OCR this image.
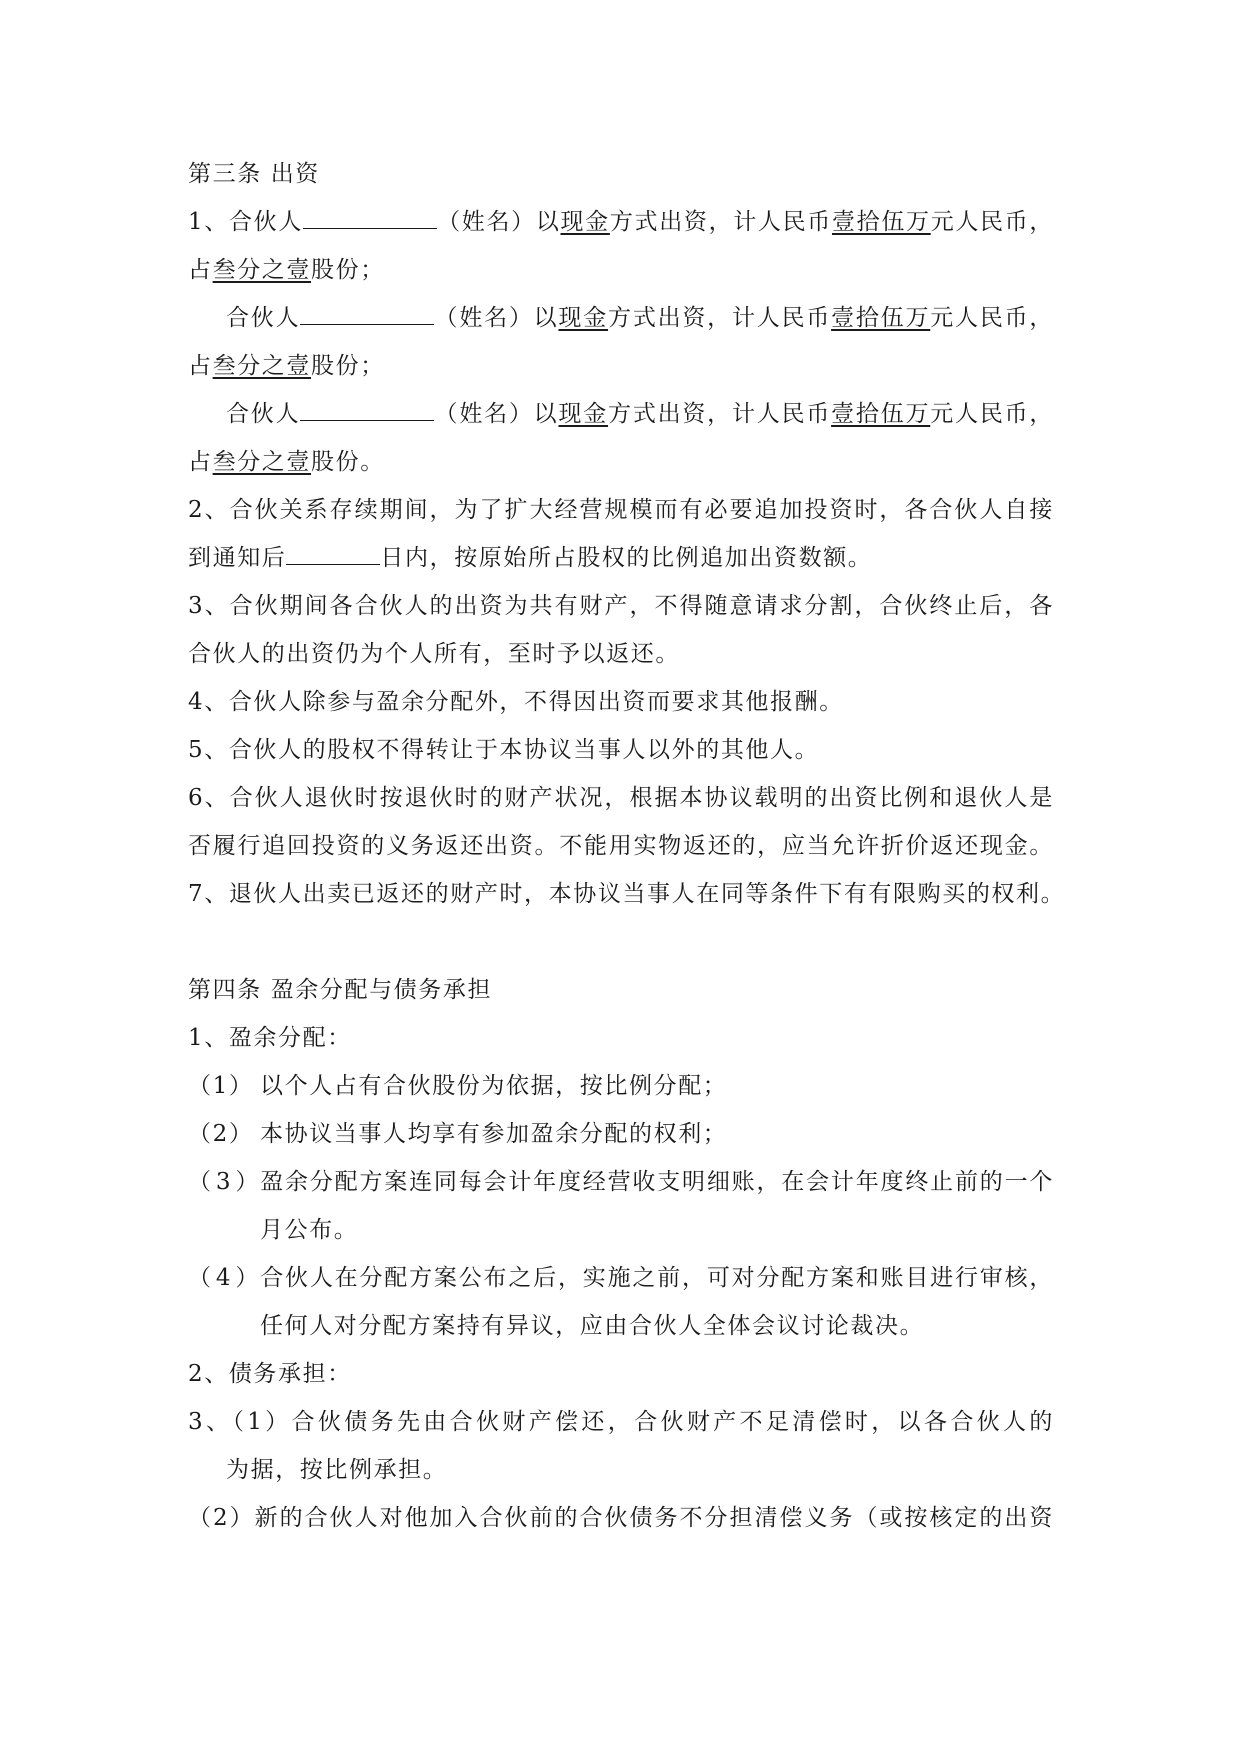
第三条 出资
1、合伙人	（姓名）以现金方式出资，计人民币壹拾伍万元人民币，
占叁分之壹股份；
合伙人	（姓名）以现金方式出资，计人民币壹拾伍万元人民币，
占叁分之壹股份；
合伙人	（姓名）以现金方式出资，计人民币壹拾伍万元人民币，
占叁分之壹股份。
2、合伙关系存续期间，为了扩大经营规模而有必要追加投资时，各合伙人自接
到通知后	日内，按原始所占股权的比例追加出资数额。
3、合伙期间各合伙人的出资为共有财产，不得随意请求分割，合伙终止后，各
合伙人的出资仍为个人所有，至时予以返还。
4、合伙人除参与盈余分配外，不得因出资而要求其他报酬。
5、合伙人的股权不得转让于本协议当事人以外的其他人。
6、合伙人退伙时按退伙时的财产状况，根据本协议载明的出资比例和退伙人是
否履行追回投资的义务返还出资。不能用实物返还的，应当允许折价返还现金。
7、退伙人出卖已返还的财产时，本协议当事人在同等条件下有有限购买的权利。
第四条 盈余分配与债务承担
1、盈余分配：
（1） 以个人占有合伙股份为依据，按比例分配；
（2） 本协议当事人均享有参加盈余分配的权利；
（3）盈余分配方案连同每会计年度经营收支明细账，在会计年度终止前的一个
月公布。
（4）合伙人在分配方案公布之后，实施之前，可对分配方案和账目进行审核，
任何人对分配方案持有异议，应由合伙人全体会议讨论裁决。
2、债务承担：
3、（1）合伙债务先由合伙财产偿还，合伙财产不足清偿时，以各合伙人的
为据，按比例承担。
（2）新的合伙人对他加入合伙前的合伙债务不分担清偿义务（或按核定的出资
